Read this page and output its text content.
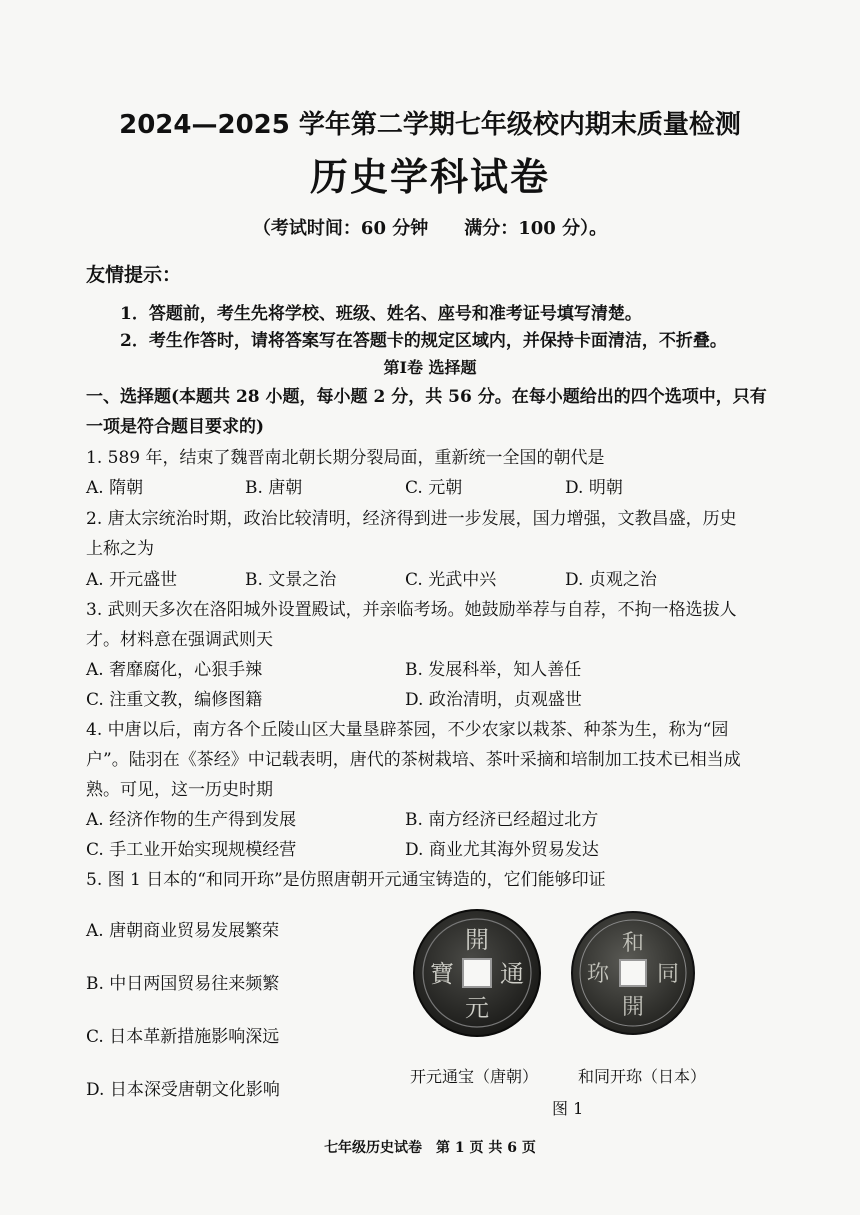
2024—2025 学年第二学期七年级校内期末质量检测
历史学科试卷
（考试时间：60 分钟　　满分：100 分）。
友情提示：
1．答题前，考生先将学校、班级、姓名、座号和准考证号填写清楚。
2．考生作答时，请将答案写在答题卡的规定区域内，并保持卡面清洁，不折叠。
第Ⅰ卷 选择题
一、选择题(本题共 28 小题，每小题 2 分，共 56 分。在每小题给出的四个选项中，只有
一项是符合题目要求的)
1. 589 年，结束了魏晋南北朝长期分裂局面，重新统一全国的朝代是
A. 隋朝	B. 唐朝	C. 元朝	D. 明朝
2. 唐太宗统治时期，政治比较清明，经济得到进一步发展，国力增强，文教昌盛，历史
上称之为
A. 开元盛世	B. 文景之治	C. 光武中兴	D. 贞观之治
3. 武则天多次在洛阳城外设置殿试，并亲临考场。她鼓励举荐与自荐，不拘一格选拔人
才。材料意在强调武则天
A. 奢靡腐化，心狠手辣	B. 发展科举，知人善任
C. 注重文教，编修图籍	D. 政治清明，贞观盛世
4. 中唐以后，南方各个丘陵山区大量垦辟茶园，不少农家以栽茶、种茶为生，称为“园
户”。陆羽在《茶经》中记载表明，唐代的茶树栽培、茶叶采摘和培制加工技术已相当成
熟。可见，这一历史时期
A. 经济作物的生产得到发展	B. 南方经济已经超过北方
C. 手工业开始实现规模经营	D. 商业尤其海外贸易发达
5. 图 1 日本的“和同开珎”是仿照唐朝开元通宝铸造的，它们能够印证
A. 唐朝商业贸易发展繁荣
B. 中日两国贸易往来频繁
C. 日本革新措施影响深远
D. 日本深受唐朝文化影响
開
元
通
寶
和
同
開
珎
开元通宝（唐朝） 和同开珎（日本）
图 1
七年级历史试卷　第 1 页 共 6 页
